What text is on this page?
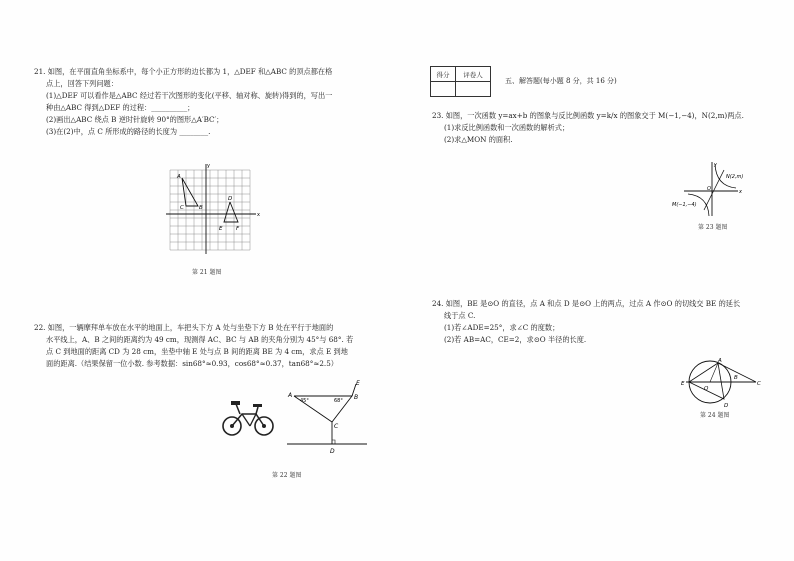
21. 如图，在平面直角坐标系中，每个小正方形的边长都为 1，△DEF 和△ABC 的顶点都在格

点上，回答下列问题：

(1)△DEF 可以看作是△ABC 经过若干次图形的变化(平移、轴对称、旋转)得到的，写出一

种由△ABC 得到△DEF 的过程：__________；

(2)画出△ABC 绕点 B 逆时针旋转 90°的图形△A′BC′；

(3)在(2)中，点 C 所形成的路径的长度为 ________.

x
y
A
C	B
D
E F
第 21 题图

22. 如图，一辆摩拜单车放在水平的地面上，车把头下方 A 处与坐垫下方 B 处在平行于地面的

水平线上，A、B 之间的距离约为 49 cm，现测得 AC、BC 与 AB 的夹角分别为 45°与 68°. 若

点 C 到地面的距离 CD 为 28 cm，坐垫中轴 E 处与点 B 间的距离 BE 为 4 cm，求点 E 到地

面的距离.（结果保留一位小数. 参考数据：sin68°≈0.93，cos68°≈0.37，tan68°≈2.5）

A	B
C
D
E
45°	68°
第 22 题图
得分	评卷人

五、解答题(每小题 8 分，共 16 分)

23. 如图，一次函数 y=ax+b 的图象与反比例函数 y=k/x 的图象交于 M(−1,−4)，N(2,m)两点.

(1)求反比例函数和一次函数的解析式；

(2)求△MON 的面积.

y
x
O
N(2,m)
M(−1,−4)
第 23 题图

24. 如图，BE 是⊙O 的直径，点 A 和点 D 是⊙O 上的两点，过点 A 作⊙O 的切线交 BE 的延长

线于点 C.

(1)若∠ADE=25°，求∠C 的度数；

(2)若 AB=AC，CE=2，求⊙O 半径的长度.

E
A
B
C
D
O
第 24 题图
